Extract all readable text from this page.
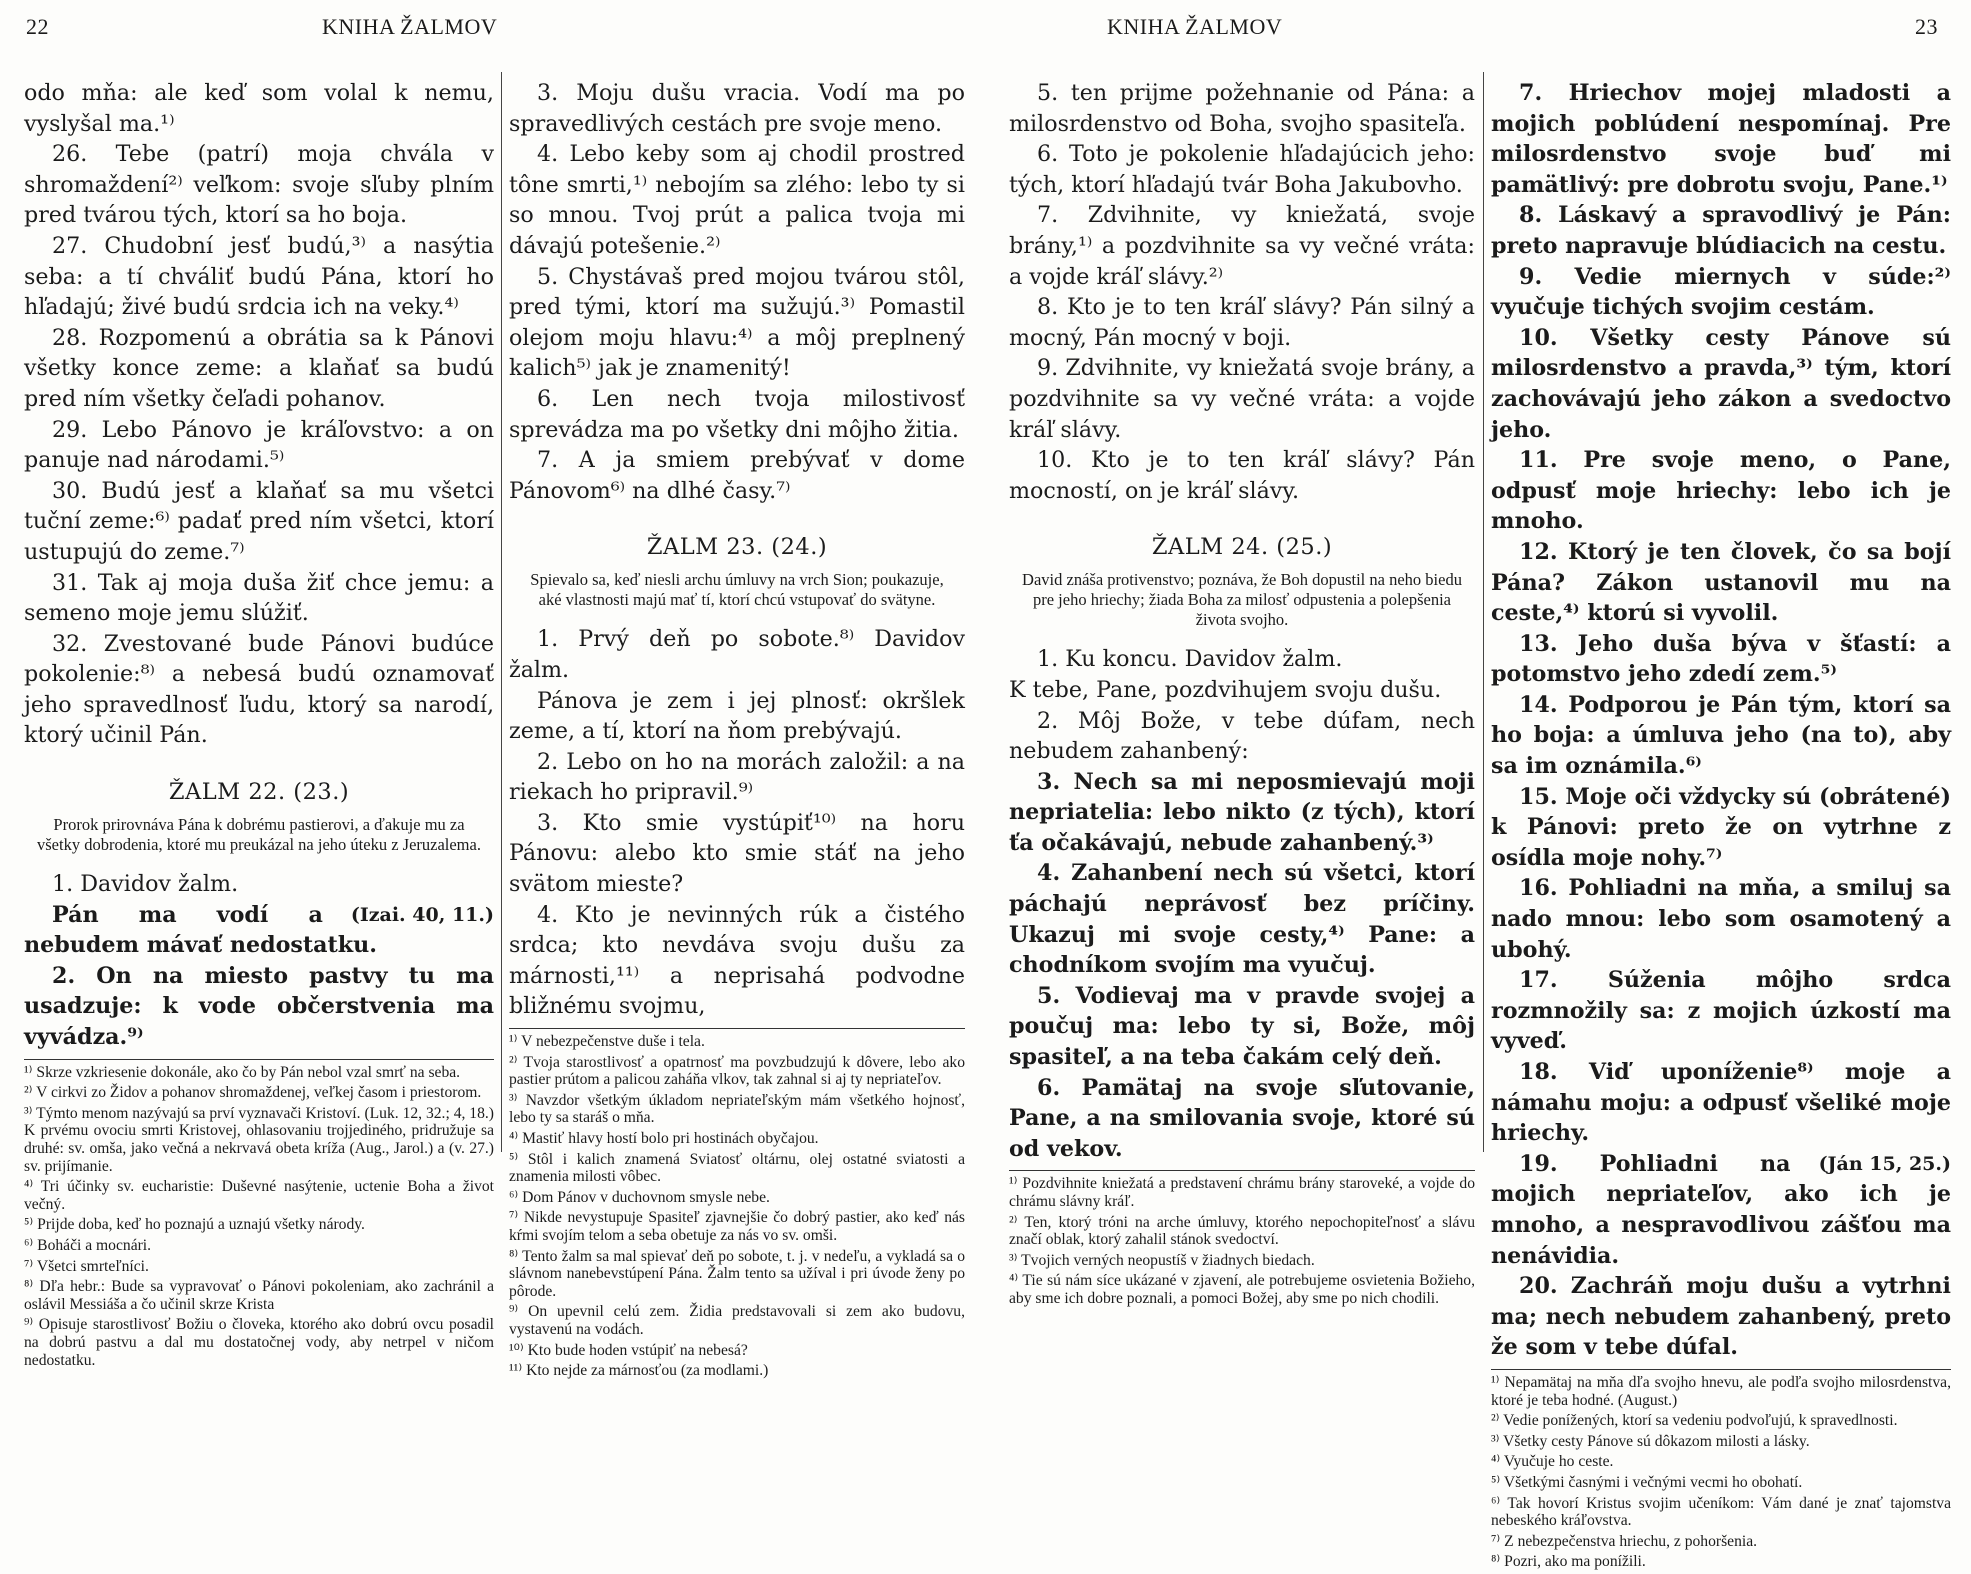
22	KNIHA ŽALMOV

odo mňa: ale keď som volal k nemu, vyslyšal ma.¹⁾

26. Tebe (patrí) moja chvála v shromaždení²⁾ veľkom: svoje sľuby plním pred tvárou tých, ktorí sa ho boja.

27. Chudobní jesť budú,³⁾ a nasýtia seba: a tí chváliť budú Pána, ktorí ho hľadajú; živé budú srdcia ich na veky.⁴⁾

28. Rozpomenú a obrátia sa k Pánovi všetky konce zeme: a klaňať sa budú pred ním všetky čeľadi pohanov.

29. Lebo Pánovo je kráľovstvo: a on panuje nad národami.⁵⁾

30. Budú jesť a klaňať sa mu všetci tuční zeme:⁶⁾ padať pred ním všetci, ktorí ustupujú do zeme.⁷⁾

31. Tak aj moja duša žiť chce jemu: a semeno moje jemu slúžiť.

32. Zvestované bude Pánovi budúce pokolenie:⁸⁾ a nebesá budú oznamovať jeho spravedlnosť ľudu, ktorý sa narodí, ktorý učinil Pán.

ŽALM 22. (23.)
Prorok prirovnáva Pána k dobrému pastierovi, a ďakuje mu za všetky dobrodenia, ktoré mu preukázal na jeho úteku z Jeruzalema.

1. Davidov žalm.

(Izai. 40, 11.)
Pán ma vodí a nebudem mávať nedostatku.

2. On na miesto pastvy tu ma usadzuje: k vode občerstvenia ma vyvádza.⁹⁾

¹⁾ Skrze vzkriesenie dokonále, ako čo by Pán nebol vzal smrť na seba.

²⁾ V cirkvi zo Židov a pohanov shromaždenej, veľkej časom i priestorom.

³⁾ Týmto menom nazývajú sa prví vyznavači Kristoví. (Luk. 12, 32.; 4, 18.) K prvému ovociu smrti Kristovej, ohlasovaniu trojjediného, pridružuje sa druhé: sv. omša, jako večná a nekrvavá obeta kríža (Aug., Jarol.) a (v. 27.) sv. prijímanie.

⁴⁾ Tri účinky sv. eucharistie: Duševné nasýtenie, uctenie Boha a život večný.

⁵⁾ Prijde doba, keď ho poznajú a uznajú všetky národy.

⁶⁾ Boháči a mocnári.

⁷⁾ Všetci smrteľníci.

⁸⁾ Dľa hebr.: Bude sa vypravovať o Pánovi pokoleniam, ako zachránil a oslávil Messiáša a čo učinil skrze Krista

⁹⁾ Opisuje starostlivosť Božiu o človeka, ktorého ako dobrú ovcu posadil na dobrú pastvu a dal mu dostatočnej vody, aby netrpel v ničom nedostatku.

3. Moju dušu vracia. Vodí ma po spravedlivých cestách pre svoje meno.

4. Lebo keby som aj chodil prostred tône smrti,¹⁾ nebojím sa zlého: lebo ty si so mnou. Tvoj prút a palica tvoja mi dávajú potešenie.²⁾

5. Chystávaš pred mojou tvárou stôl, pred tými, ktorí ma sužujú.³⁾ Pomastil olejom moju hlavu:⁴⁾ a môj preplnený kalich⁵⁾ jak je znamenitý!

6. Len nech tvoja milostivosť sprevádza ma po všetky dni môjho žitia.

7. A ja smiem prebývať v dome Pánovom⁶⁾ na dlhé časy.⁷⁾

ŽALM 23. (24.)
Spievalo sa, keď niesli archu úmluvy na vrch Sion; poukazuje, aké vlastnosti majú mať tí, ktorí chcú vstupovať do svätyne.

1. Prvý deň po sobote.⁸⁾ Davidov žalm.

Pánova je zem i jej plnosť: okršlek zeme, a tí, ktorí na ňom prebývajú.

2. Lebo on ho na morách založil: a na riekach ho pripravil.⁹⁾

3. Kto smie vystúpiť¹⁰⁾ na horu Pánovu: alebo kto smie stáť na jeho svätom mieste?

4. Kto je nevinných rúk a čistého srdca; kto nevdáva svoju dušu za márnosti,¹¹⁾ a neprisahá podvodne bližnému svojmu,

¹⁾ V nebezpečenstve duše i tela.

²⁾ Tvoja starostlivosť a opatrnosť ma povzbudzujú k dôvere, lebo ako pastier prútom a palicou zaháňa vlkov, tak zahnal si aj ty nepriateľov.

³⁾ Navzdor všetkým úkladom nepriateľským mám všetkého hojnosť, lebo ty sa staráš o mňa.

⁴⁾ Mastiť hlavy hostí bolo pri hostinách obyčajou.

⁵⁾ Stôl i kalich znamená Sviatosť oltárnu, olej ostatné sviatosti a znamenia milosti vôbec.

⁶⁾ Dom Pánov v duchovnom smysle nebe.

⁷⁾ Nikde nevystupuje Spasiteľ zjavnejšie čo dobrý pastier, ako keď nás kŕmi svojím telom a seba obetuje za nás vo sv. omši.

⁸⁾ Tento žalm sa mal spievať deň po sobote, t. j. v nedeľu, a vykladá sa o slávnom nanebevstúpení Pána. Žalm tento sa užíval i pri úvode ženy po pôrode.

⁹⁾ On upevnil celú zem. Židia predstavovali si zem ako budovu, vystavenú na vodách.

¹⁰⁾ Kto bude hoden vstúpiť na nebesá?

¹¹⁾ Kto nejde za márnosťou (za modlami.)

KNIHA ŽALMOV	23

5. ten prijme požehnanie od Pána: a milosrdenstvo od Boha, svojho spasiteľa.

6. Toto je pokolenie hľadajúcich jeho: tých, ktorí hľadajú tvár Boha Jakubovho.

7. Zdvihnite, vy kniežatá, svoje brány,¹⁾ a pozdvihnite sa vy večné vráta: a vojde kráľ slávy.²⁾

8. Kto je to ten kráľ slávy? Pán silný a mocný, Pán mocný v boji.

9. Zdvihnite, vy kniežatá svoje brány, a pozdvihnite sa vy večné vráta: a vojde kráľ slávy.

10. Kto je to ten kráľ slávy? Pán mocností, on je kráľ slávy.

ŽALM 24. (25.)
David znáša protivenstvo; poznáva, že Boh dopustil na neho biedu pre jeho hriechy; žiada Boha za milosť odpustenia a polepšenia života svojho.

1. Ku koncu. Davidov žalm.

K tebe, Pane, pozdvihujem svoju dušu.

2. Môj Bože, v tebe dúfam, nech nebudem zahanbený:

3. Nech sa mi neposmievajú moji nepriatelia: lebo nikto (z tých), ktorí ťa očakávajú, nebude zahanbený.³⁾

4. Zahanbení nech sú všetci, ktorí páchajú neprávosť bez príčiny. Ukazuj mi svoje cesty,⁴⁾ Pane: a chodníkom svojím ma vyučuj.

5. Vodievaj ma v pravde svojej a poučuj ma: lebo ty si, Bože, môj spasiteľ, a na teba čakám celý deň.

6. Pamätaj na svoje sľutovanie, Pane, a na smilovania svoje, ktoré sú od vekov.

¹⁾ Pozdvihnite kniežatá a predstavení chrámu brány staroveké, a vojde do chrámu slávny kráľ.

²⁾ Ten, ktorý tróni na arche úmluvy, ktorého nepochopiteľnosť a slávu značí oblak, ktorý zahalil stánok svedoctví.

³⁾ Tvojich verných neopustíš v žiadnych biedach.

⁴⁾ Tie sú nám síce ukázané v zjavení, ale potrebujeme osvietenia Božieho, aby sme ich dobre poznali, a pomoci Božej, aby sme po nich chodili.

7. Hriechov mojej mladosti a mojich poblúdení nespomínaj. Pre milosrdenstvo svoje buď mi pamätlivý: pre dobrotu svoju, Pane.¹⁾

8. Láskavý a spravodlivý je Pán: preto napravuje blúdiacich na cestu.

9. Vedie miernych v súde:²⁾ vyučuje tichých svojim cestám.

10. Všetky cesty Pánove sú milosrdenstvo a pravda,³⁾ tým, ktorí zachovávajú jeho zákon a svedoctvo jeho.

11. Pre svoje meno, o Pane, odpusť moje hriechy: lebo ich je mnoho.

12. Ktorý je ten človek, čo sa bojí Pána? Zákon ustanovil mu na ceste,⁴⁾ ktorú si vyvolil.

13. Jeho duša býva v šťastí: a potomstvo jeho zdedí zem.⁵⁾

14. Podporou je Pán tým, ktorí sa ho boja: a úmluva jeho (na to), aby sa im oznámila.⁶⁾

15. Moje oči vždycky sú (obrátené) k Pánovi: preto že on vytrhne z osídla moje nohy.⁷⁾

16. Pohliadni na mňa, a smiluj sa nado mnou: lebo som osamotený a ubohý.

17. Súženia môjho srdca rozmnožily sa: z mojich úzkostí ma vyveď.

18. Viď uponíženie⁸⁾ moje a námahu moju: a odpusť všeliké moje hriechy.

(Ján 15, 25.)
19. Pohliadni na mojich nepriateľov, ako ich je mnoho, a nespravodlivou zášťou ma nenávidia.

20. Zachráň moju dušu a vytrhni ma; nech nebudem zahanbený, preto že som v tebe dúfal.

¹⁾ Nepamätaj na mňa dľa svojho hnevu, ale podľa svojho milosrdenstva, ktoré je teba hodné. (August.)

²⁾ Vedie ponížených, ktorí sa vedeniu podvoľujú, k spravedlnosti.

³⁾ Všetky cesty Pánove sú dôkazom milosti a lásky.

⁴⁾ Vyučuje ho ceste.

⁵⁾ Všetkými časnými i večnými vecmi ho obohatí.

⁶⁾ Tak hovorí Kristus svojim učeníkom: Vám dané je znať tajomstva nebeského kráľovstva.

⁷⁾ Z nebezpečenstva hriechu, z pohoršenia.

⁸⁾ Pozri, ako ma ponížili.
